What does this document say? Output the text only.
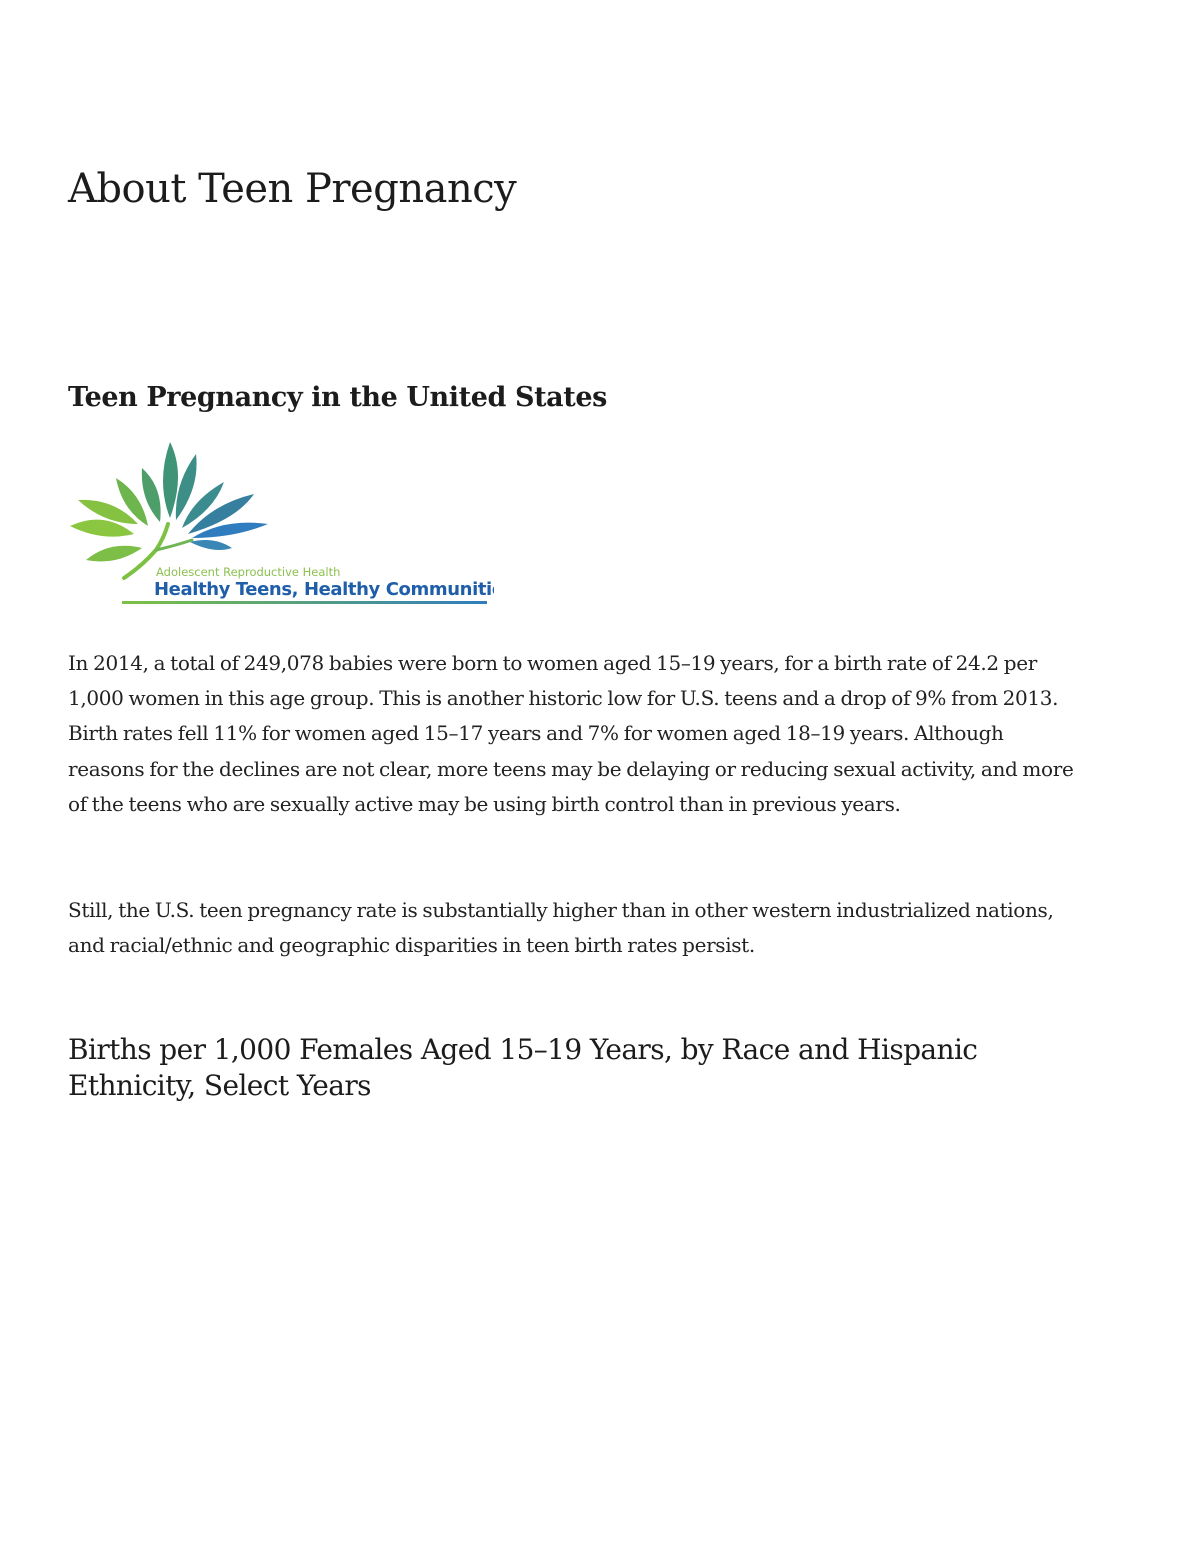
About Teen Pregnancy
Teen Pregnancy in the United States
Adolescent Reproductive Health
Healthy Teens, Healthy Communities

In 2014, a total of 249,078 babies were born to women aged 15–19 years, for a birth rate of 24.2 per 1,000 women in this age group. This is another historic low for U.S. teens and a drop of 9% from 2013. Birth rates fell 11% for women aged 15–17 years and 7% for women aged 18–19 years. Although reasons for the declines are not clear, more teens may be delaying or reducing sexual activity, and more of the teens who are sexually active may be using birth control than in previous years.

Still, the U.S. teen pregnancy rate is substantially higher than in other western industrialized nations, and racial/ethnic and geographic disparities in teen birth rates persist.

Births per 1,000 Females Aged 15–19 Years, by Race and Hispanic Ethnicity, Select Years
